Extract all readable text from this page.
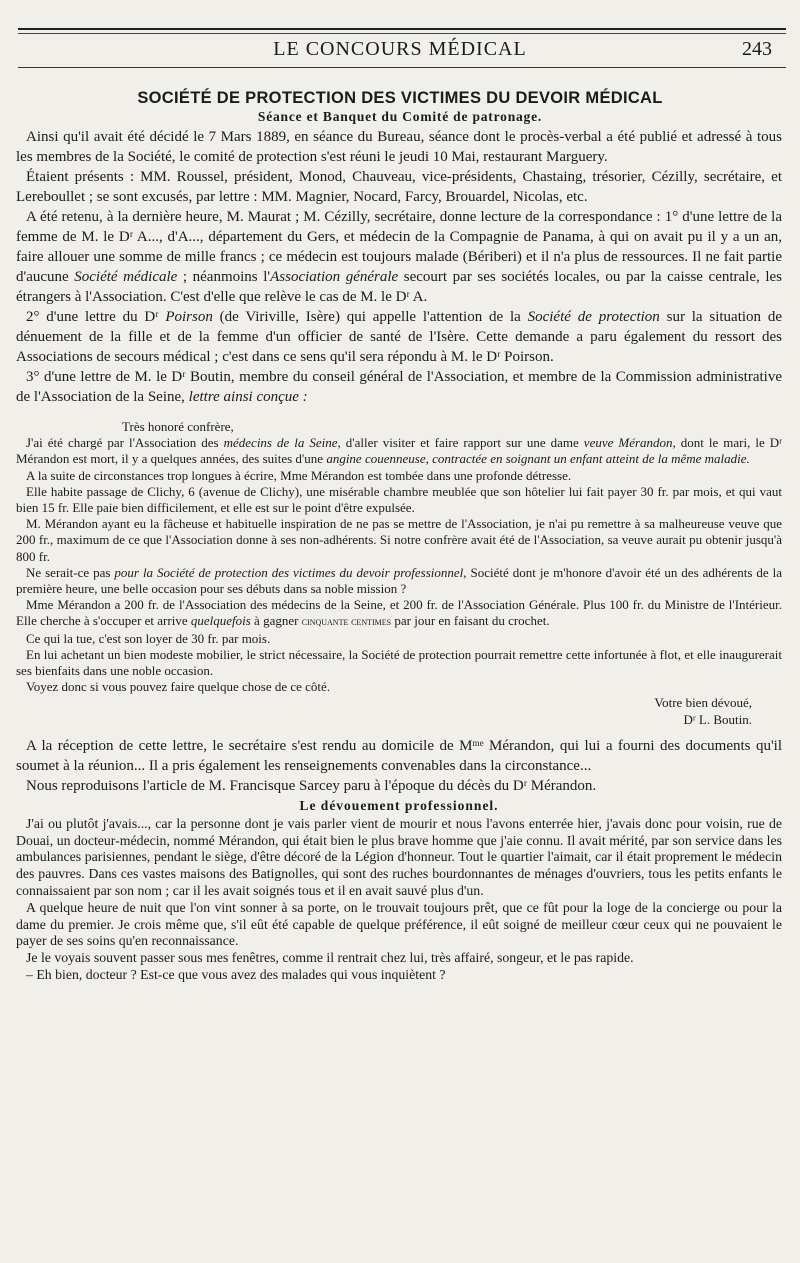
LE CONCOURS MÉDICAL	243
SOCIÉTÉ DE PROTECTION DES VICTIMES DU DEVOIR MÉDICAL
Séance et Banquet du Comité de patronage.

Ainsi qu'il avait été décidé le 7 Mars 1889, en séance du Bureau, séance dont le procès-verbal a été publié et adressé à tous les membres de la Société, le comité de protection s'est réuni le jeudi 10 Mai, restaurant Marguery.

Étaient présents : MM. Roussel, président, Monod, Chauveau, vice-présidents, Chastaing, trésorier, Cézilly, secrétaire, et Lereboullet ; se sont excusés, par lettre : MM. Magnier, Nocard, Farcy, Brouardel, Nicolas, etc.

A été retenu, à la dernière heure, M. Maurat ; M. Cézilly, secrétaire, donne lecture de la correspondance : 1° d'une lettre de la femme de M. le Dʳ A..., d'A..., département du Gers, et médecin de la Compagnie de Panama, à qui on avait pu il y a un an, faire allouer une somme de mille francs ; ce médecin est toujours malade (Bériberi) et il n'a plus de ressources. Il ne fait partie d'aucune Société médicale ; néanmoins l'Association générale secourt par ses sociétés locales, ou par la caisse centrale, les étrangers à l'Association. C'est d'elle que relève le cas de M. le Dʳ A.

2° d'une lettre du Dʳ Poirson (de Viriville, Isère) qui appelle l'attention de la Société de protection sur la situation de dénuement de la fille et de la femme d'un officier de santé de l'Isère. Cette demande a paru également du ressort des Associations de secours médical ; c'est dans ce sens qu'il sera répondu à M. le Dʳ Poirson.

3° d'une lettre de M. le Dʳ Boutin, membre du conseil général de l'Association, et membre de la Commission administrative de l'Association de la Seine, lettre ainsi conçue :

Très honoré confrère,

J'ai été chargé par l'Association des médecins de la Seine, d'aller visiter et faire rapport sur une dame veuve Mérandon, dont le mari, le Dʳ Mérandon est mort, il y a quelques années, des suites d'une angine couenneuse, contractée en soignant un enfant atteint de la même maladie.

A la suite de circonstances trop longues à écrire, Mme Mérandon est tombée dans une profonde détresse.

Elle habite passage de Clichy, 6 (avenue de Clichy), une misérable chambre meublée que son hôtelier lui fait payer 30 fr. par mois, et qui vaut bien 15 fr. Elle paie bien difficilement, et elle est sur le point d'être expulsée.

M. Mérandon ayant eu la fâcheuse et habituelle inspiration de ne pas se mettre de l'Association, je n'ai pu remettre à sa malheureuse veuve que 200 fr., maximum de ce que l'Association donne à ses non-adhérents. Si notre confrère avait été de l'Association, sa veuve aurait pu obtenir jusqu'à 800 fr.

Ne serait-ce pas pour la Société de protection des victimes du devoir professionnel, Société dont je m'honore d'avoir été un des adhérents de la première heure, une belle occasion pour ses débuts dans sa noble mission ?

Mme Mérandon a 200 fr. de l'Association des médecins de la Seine, et 200 fr. de l'Association Générale. Plus 100 fr. du Ministre de l'Intérieur. Elle cherche à s'occuper et arrive quelquefois à gagner cinquante centimes par jour en faisant du crochet.

Ce qui la tue, c'est son loyer de 30 fr. par mois.

En lui achetant un bien modeste mobilier, le strict nécessaire, la Société de protection pourrait remettre cette infortunée à flot, et elle inaugurerait ses bienfaits dans une noble occasion.

Voyez donc si vous pouvez faire quelque chose de ce côté.

Votre bien dévoué,

Dʳ L. Boutin.

A la réception de cette lettre, le secrétaire s'est rendu au domicile de Mᵐᵉ Mérandon, qui lui a fourni des documents qu'il soumet à la réunion... Il a pris également les renseignements convenables dans la circonstance...

Nous reproduisons l'article de M. Francisque Sarcey paru à l'époque du décès du Dʳ Mérandon.

Le dévouement professionnel.

J'ai ou plutôt j'avais..., car la personne dont je vais parler vient de mourir et nous l'avons enterrée hier, j'avais donc pour voisin, rue de Douai, un docteur-médecin, nommé Mérandon, qui était bien le plus brave homme que j'aie connu. Il avait mérité, par son service dans les ambulances parisiennes, pendant le siège, d'être décoré de la Légion d'honneur. Tout le quartier l'aimait, car il était proprement le médecin des pauvres. Dans ces vastes maisons des Batignolles, qui sont des ruches bourdonnantes de ménages d'ouvriers, tous les petits enfants le connaissaient par son nom ; car il les avait soignés tous et il en avait sauvé plus d'un.

A quelque heure de nuit que l'on vint sonner à sa porte, on le trouvait toujours prêt, que ce fût pour la loge de la concierge ou pour la dame du premier. Je crois même que, s'il eût été capable de quelque préférence, il eût soigné de meilleur cœur ceux qui ne pouvaient le payer de ses soins qu'en reconnaissance.

Je le voyais souvent passer sous mes fenêtres, comme il rentrait chez lui, très affairé, songeur, et le pas rapide.

– Eh bien, docteur ? Est-ce que vous avez des malades qui vous inquiètent ?
